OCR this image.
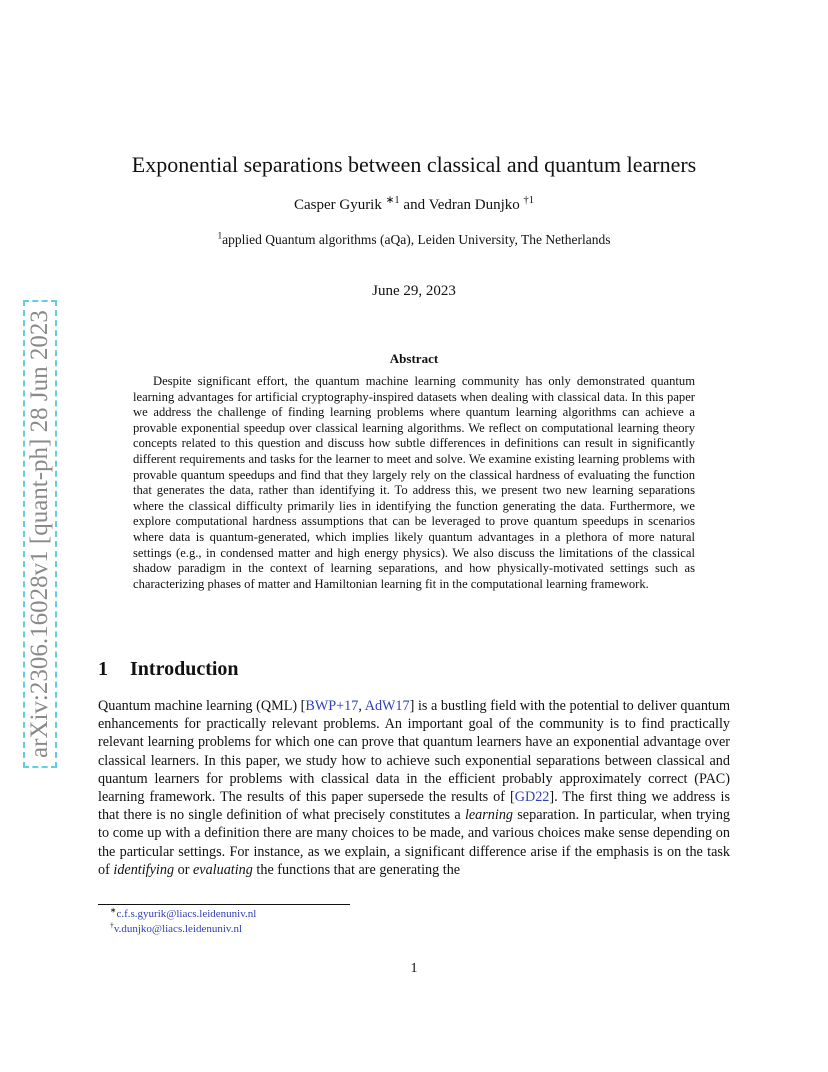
arXiv:2306.16028v1 [quant-ph] 28 Jun 2023
Exponential separations between classical and quantum learners
Casper Gyurik $^{∗1}$ and Vedran Dunjko $^{\dagger 1}$
$^1$applied Quantum algorithms (aQa), Leiden University, The Netherlands
June 29, 2023
Abstract

Despite significant effort, the quantum machine learning community has only demonstrated quantum learning advantages for artificial cryptography-inspired datasets when dealing with classical data. In this paper we address the challenge of finding learning problems where quantum learning algorithms can achieve a provable exponential speedup over classical learning algorithms. We reflect on computational learning theory concepts related to this question and discuss how subtle differences in definitions can result in significantly different requirements and tasks for the learner to meet and solve. We examine existing learning problems with provable quantum speedups and find that they largely rely on the classical hardness of evaluating the function that generates the data, rather than identifying it. To address this, we present two new learning separations where the classical difficulty primarily lies in identifying the function generating the data. Furthermore, we explore computational hardness assumptions that can be leveraged to prove quantum speedups in scenarios where data is quantum-generated, which implies likely quantum advantages in a plethora of more natural settings (e.g., in condensed matter and high energy physics). We also discuss the limitations of the classical shadow paradigm in the context of learning separations, and how physically-motivated settings such as characterizing phases of matter and Hamiltonian learning fit in the computational learning framework.

1 Introduction

Quantum machine learning (QML) [BWP+17, AdW17] is a bustling field with the potential to deliver quantum enhancements for practically relevant problems. An important goal of the community is to find practically relevant learning problems for which one can prove that quantum learners have an exponential advantage over classical learners. In this paper, we study how to achieve such exponential separations between classical and quantum learners for problems with classical data in the efficient probably approximately correct (PAC) learning framework. The results of this paper supersede the results of [GD22]. The first thing we address is that there is no single definition of what precisely constitutes a learning separation. In particular, when trying to come up with a definition there are many choices to be made, and various choices make sense depending on the particular settings. For instance, as we explain, a significant difference arise if the emphasis is on the task of identifying or evaluating the functions that are generating the

∗c.f.s.gyurik@liacs.leidenuniv.nl
†v.dunjko@liacs.leidenuniv.nl
1
